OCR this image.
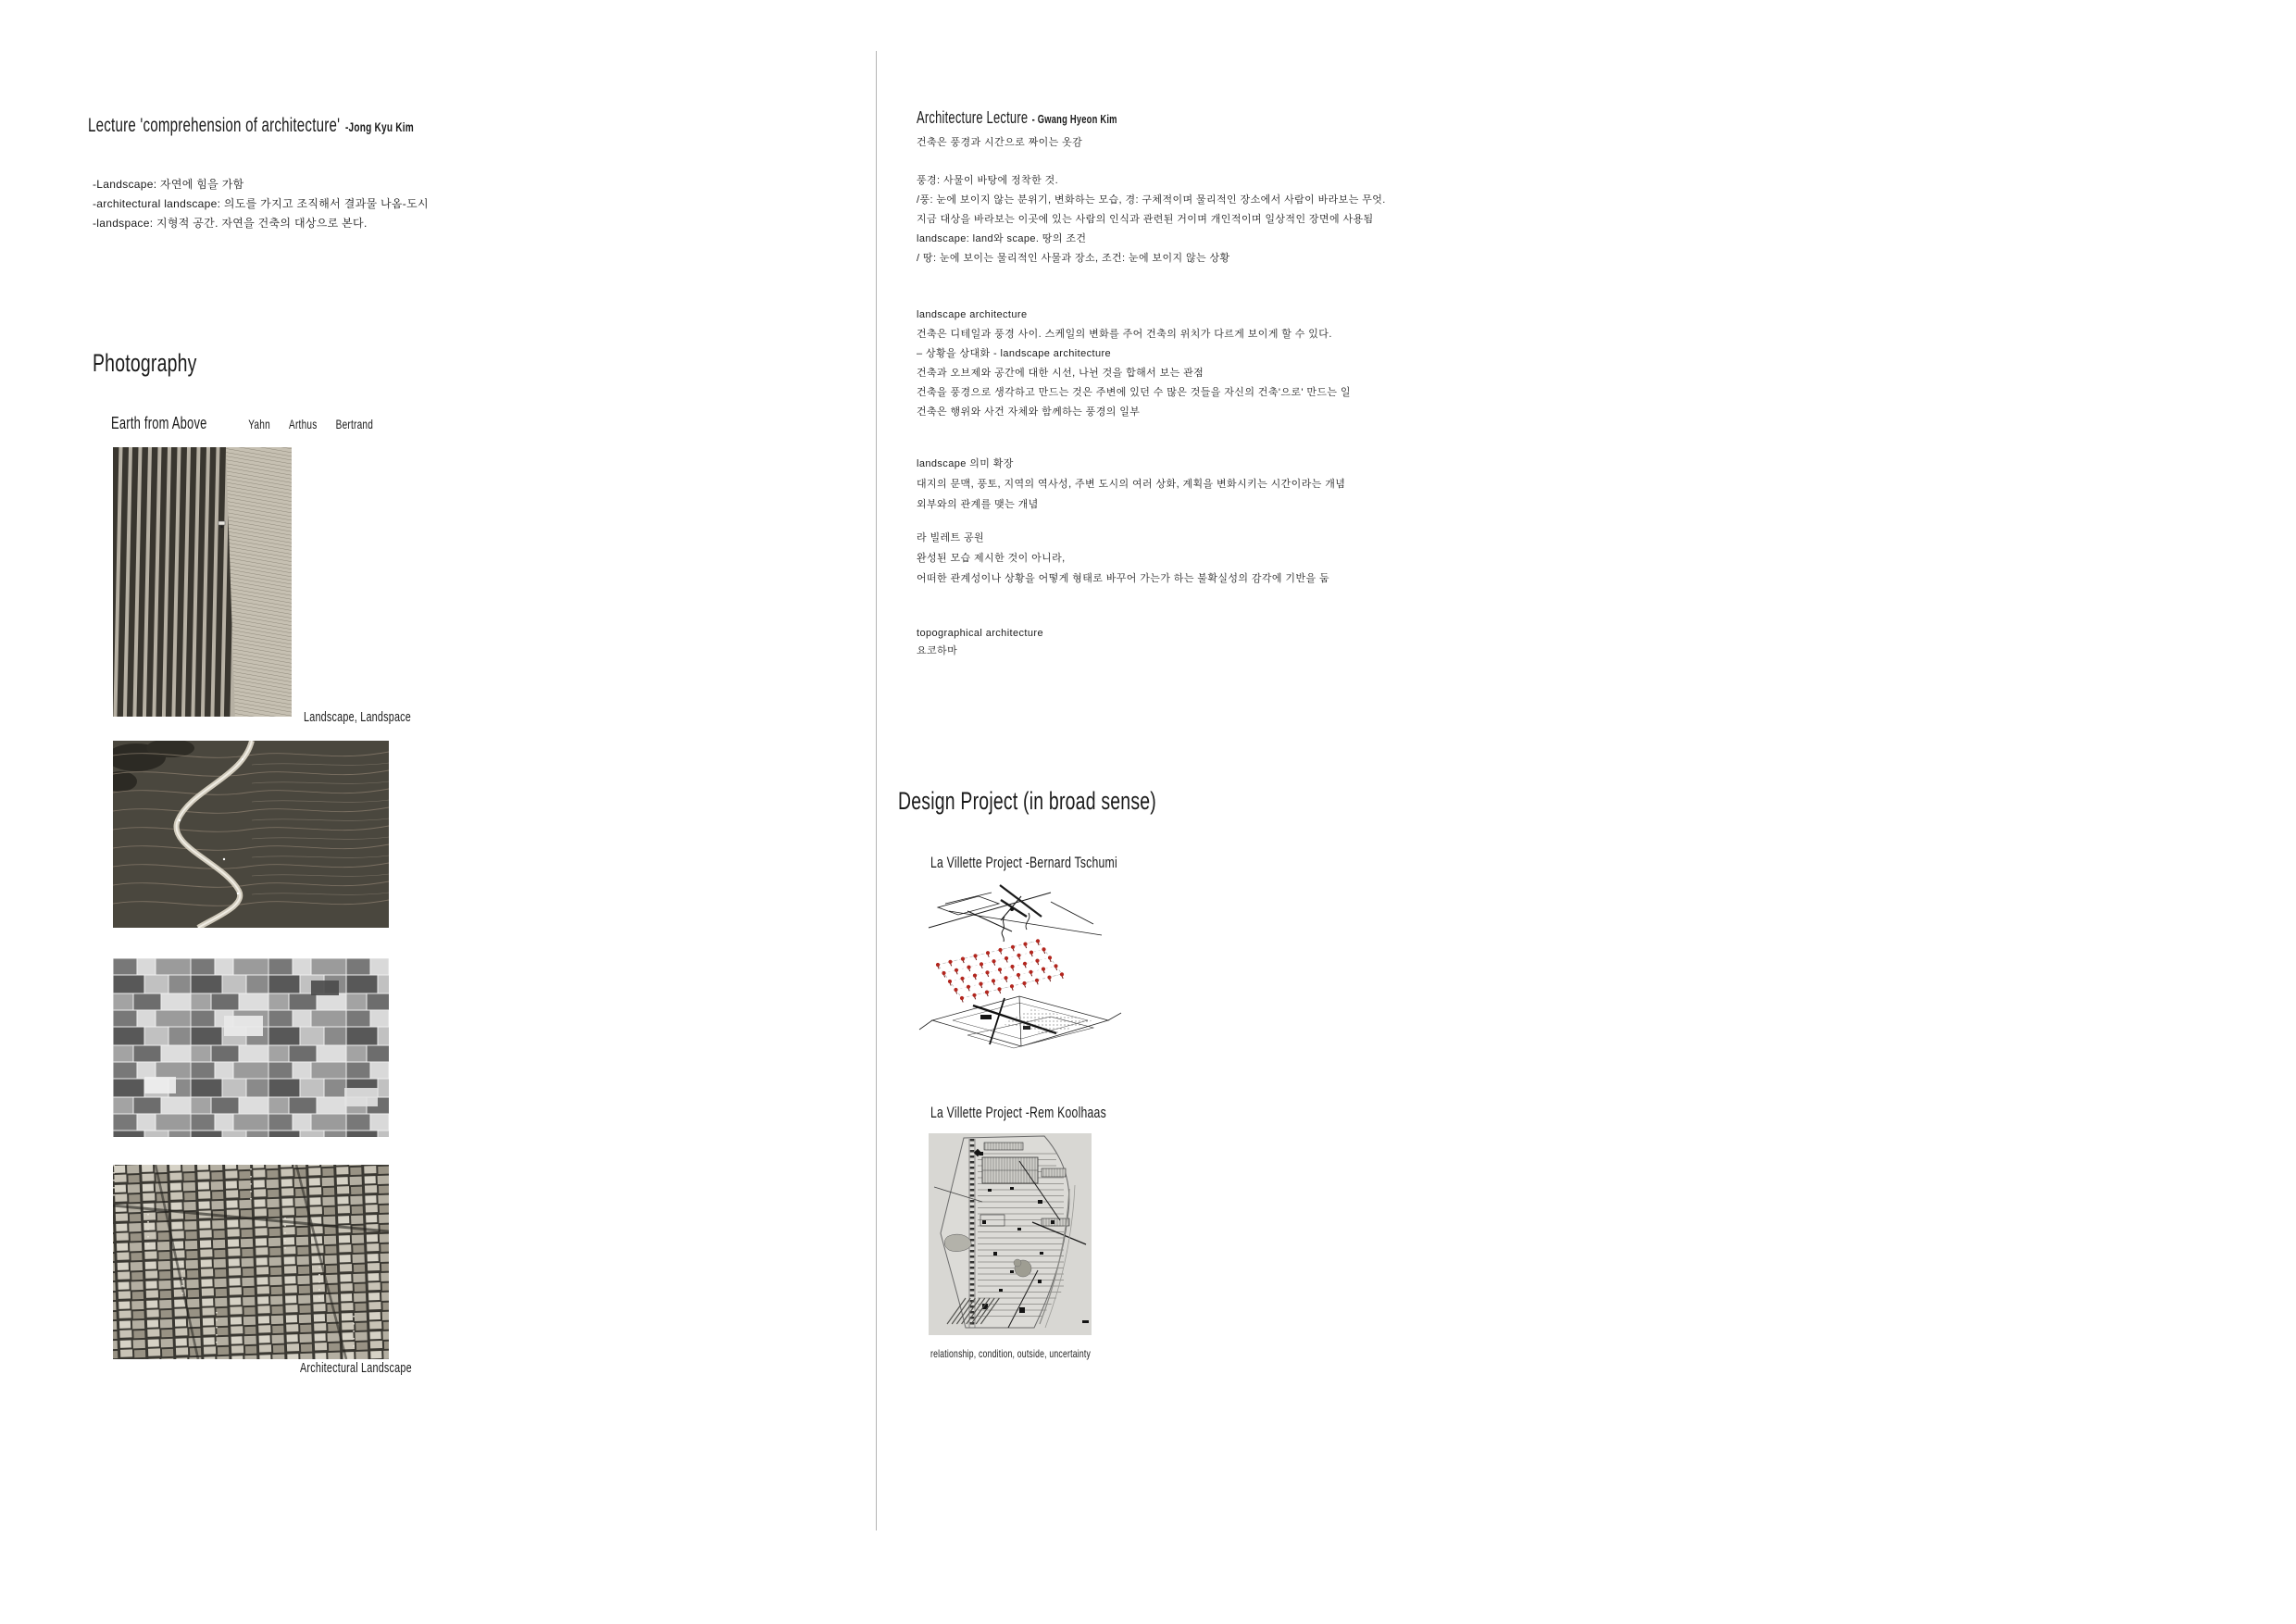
Lecture 'comprehension of architecture' -Jong Kyu Kim
-Landscape: 자연에 힘을 가함
-architectural landscape: 의도를 가지고 조직해서 결과물 나옴-도시
-landspace: 지형적 공간. 자연을 건축의 대상으로 본다.
Photography
Earth from Above	Yahn Arthus Bertrand
Landscape, Landspace
Architectural Landscape
Architecture Lecture - Gwang Hyeon Kim
건축은 풍경과 시간으로 짜이는 옷감
풍경: 사물이 바탕에 정착한 것.
/풍: 눈에 보이지 않는 분위기, 변화하는 모습, 경: 구체적이며 물리적인 장소에서 사람이 바라보는 무엇.
지금 대상을 바라보는 이곳에 있는 사람의 인식과 관련된 거이며 개인적이며 일상적인 장면에 사용됨
landscape: land와 scape. 땅의 조건
/ 땅: 눈에 보이는 물리적인 사물과 장소, 조건: 눈에 보이지 않는 상황
landscape architecture
건축은 디테일과 풍경 사이. 스케일의 변화를 주어 건축의 위치가 다르게 보이게 할 수 있다.
– 상황을 상대화 - landscape architecture
건축과 오브제와 공간에 대한 시선, 나뉜 것을 합해서 보는 관점
건축을 풍경으로 생각하고 만드는 것은 주변에 있던 수 많은 것들을 자신의 건축'으로' 만드는 일
건축은 행위와 사건 자체와 함께하는 풍경의 일부
landscape 의미 확장
대지의 문맥, 풍토, 지역의 역사성, 주변 도시의 여러 상화, 계획을 변화시키는 시간이라는 개념
외부와의 관계를 맺는 개념
라 빌레트 공원
완성된 모습 제시한 것이 아니라,
어떠한 관계성이나 상황을 어떻게 형태로 바꾸어 가는가 하는 불확실성의 감각에 기반을 둠
topographical architecture
요코하마
Design Project (in broad sense)
La Villette Project -Bernard Tschumi
La Villette Project -Rem Koolhaas
relationship, condition, outside, uncertainty
